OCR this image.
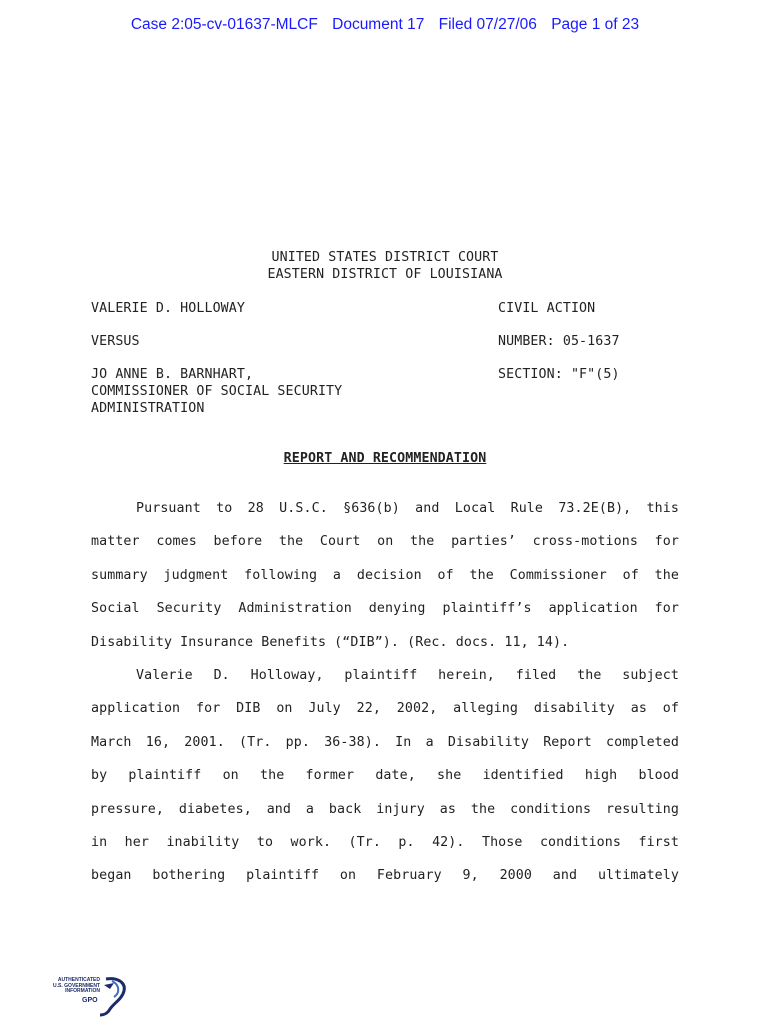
Case 2:05-cv-01637-MLCF Document 17 Filed 07/27/06 Page 1 of 23
UNITED STATES DISTRICT COURT
EASTERN DISTRICT OF LOUISIANA
VALERIE D. HOLLOWAY
VERSUS
JO ANNE B. BARNHART,
COMMISSIONER OF SOCIAL SECURITY
ADMINISTRATION
CIVIL ACTION
NUMBER: 05-1637
SECTION: "F"(5)
REPORT AND RECOMMENDATION
Pursuant to 28 U.S.C. §636(b) and Local Rule 73.2E(B), this
matter comes before the Court on the parties’ cross-motions for
summary judgment following a decision of the Commissioner of the
Social Security Administration denying plaintiff’s application for
Disability Insurance Benefits (“DIB”). (Rec. docs. 11, 14).
Valerie D. Holloway, plaintiff herein, filed the subject
application for DIB on July 22, 2002, alleging disability as of
March 16, 2001. (Tr. pp. 36-38). In a Disability Report completed
by plaintiff on the former date, she identified high blood
pressure, diabetes, and a back injury as the conditions resulting
in her inability to work. (Tr. p. 42). Those conditions first
began bothering plaintiff on February 9, 2000 and ultimately
AUTHENTICATED
U.S. GOVERNMENT
INFORMATION
GPO
